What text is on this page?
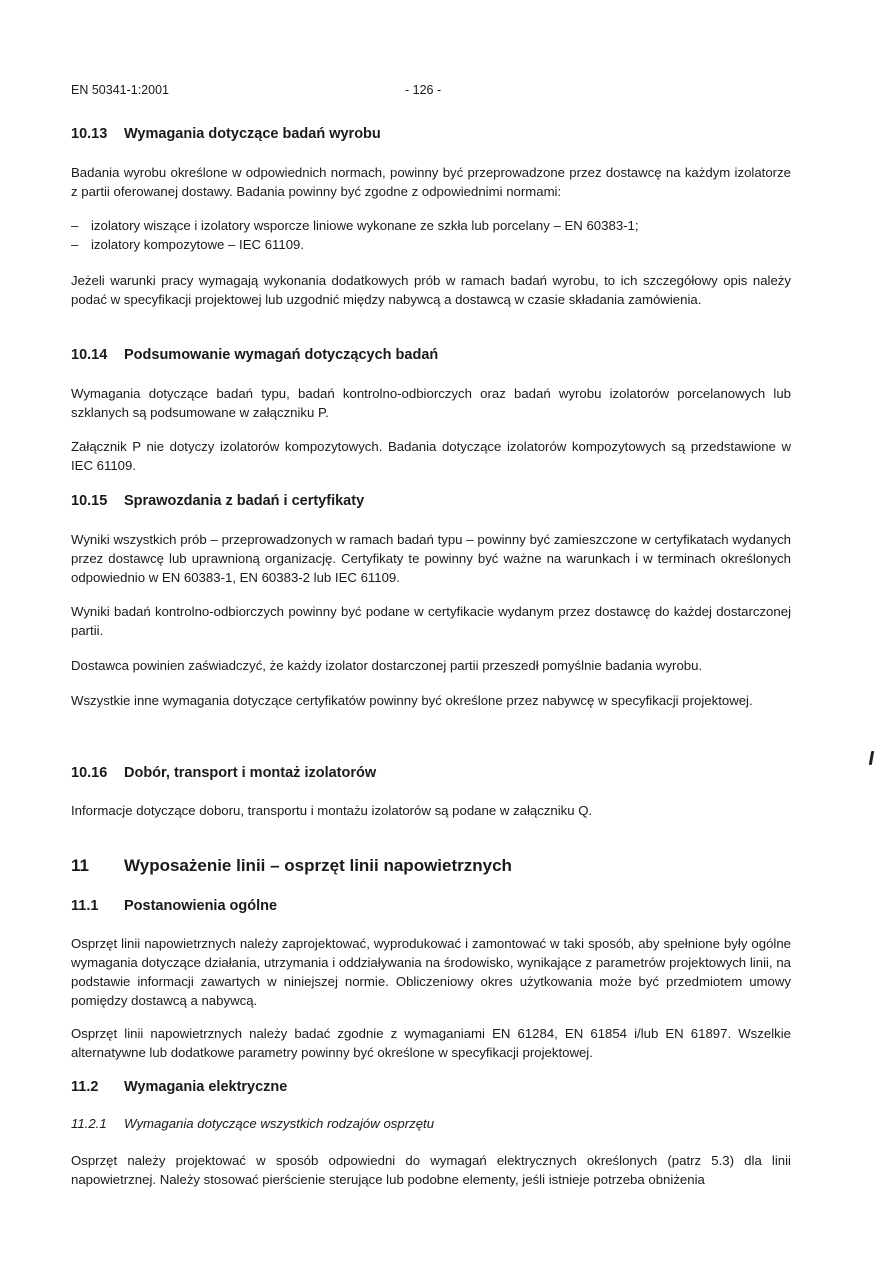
EN 50341-1:2001	- 126 -
10.13 Wymagania dotyczące badań wyrobu

Badania wyrobu określone w odpowiednich normach, powinny być przeprowadzone przez dostawcę na każdym izolatorze z partii oferowanej dostawy. Badania powinny być zgodne z odpowiednimi normami:

– izolatory wiszące i izolatory wsporcze liniowe wykonane ze szkła lub porcelany – EN 60383-1;
– izolatory kompozytowe – IEC 61109.

Jeżeli warunki pracy wymagają wykonania dodatkowych prób w ramach badań wyrobu, to ich szczegółowy opis należy podać w specyfikacji projektowej lub uzgodnić między nabywcą a dostawcą w czasie składania zamówienia.

10.14 Podsumowanie wymagań dotyczących badań

Wymagania dotyczące badań typu, badań kontrolno-odbiorczych oraz badań wyrobu izolatorów porcelanowych lub szklanych są podsumowane w załączniku P.

Załącznik P nie dotyczy izolatorów kompozytowych. Badania dotyczące izolatorów kompozytowych są przedstawione w IEC 61109.

10.15 Sprawozdania z badań i certyfikaty

Wyniki wszystkich prób – przeprowadzonych w ramach badań typu – powinny być zamieszczone w certyfikatach wydanych przez dostawcę lub uprawnioną organizację. Certyfikaty te powinny być ważne na warunkach i w terminach określonych odpowiednio w EN 60383-1, EN 60383-2 lub IEC 61109.

Wyniki badań kontrolno-odbiorczych powinny być podane w certyfikacie wydanym przez dostawcę do każdej dostarczonej partii.

Dostawca powinien zaświadczyć, że każdy izolator dostarczonej partii przeszedł pomyślnie badania wyrobu.

Wszystkie inne wymagania dotyczące certyfikatów powinny być określone przez nabywcę w specyfikacji projektowej.

10.16 Dobór, transport i montaż izolatorów

Informacje dotyczące doboru, transportu i montażu izolatorów są podane w załączniku Q.

11 Wyposażenie linii – osprzęt linii napowietrznych
11.1 Postanowienia ogólne

Osprzęt linii napowietrznych należy zaprojektować, wyprodukować i zamontować w taki sposób, aby spełnione były ogólne wymagania dotyczące działania, utrzymania i oddziaływania na środowisko, wynikające z parametrów projektowych linii, na podstawie informacji zawartych w niniejszej normie. Obliczeniowy okres użytkowania może być przedmiotem umowy pomiędzy dostawcą a nabywcą.

Osprzęt linii napowietrznych należy badać zgodnie z wymaganiami EN 61284, EN 61854 i/lub EN 61897. Wszelkie alternatywne lub dodatkowe parametry powinny być określone w specyfikacji projektowej.

11.2 Wymagania elektryczne
11.2.1 Wymagania dotyczące wszystkich rodzajów osprzętu

Osprzęt należy projektować w sposób odpowiedni do wymagań elektrycznych określonych (patrz 5.3) dla linii napowietrznej. Należy stosować pierścienie sterujące lub podobne elementy, jeśli istnieje potrzeba obniżenia
